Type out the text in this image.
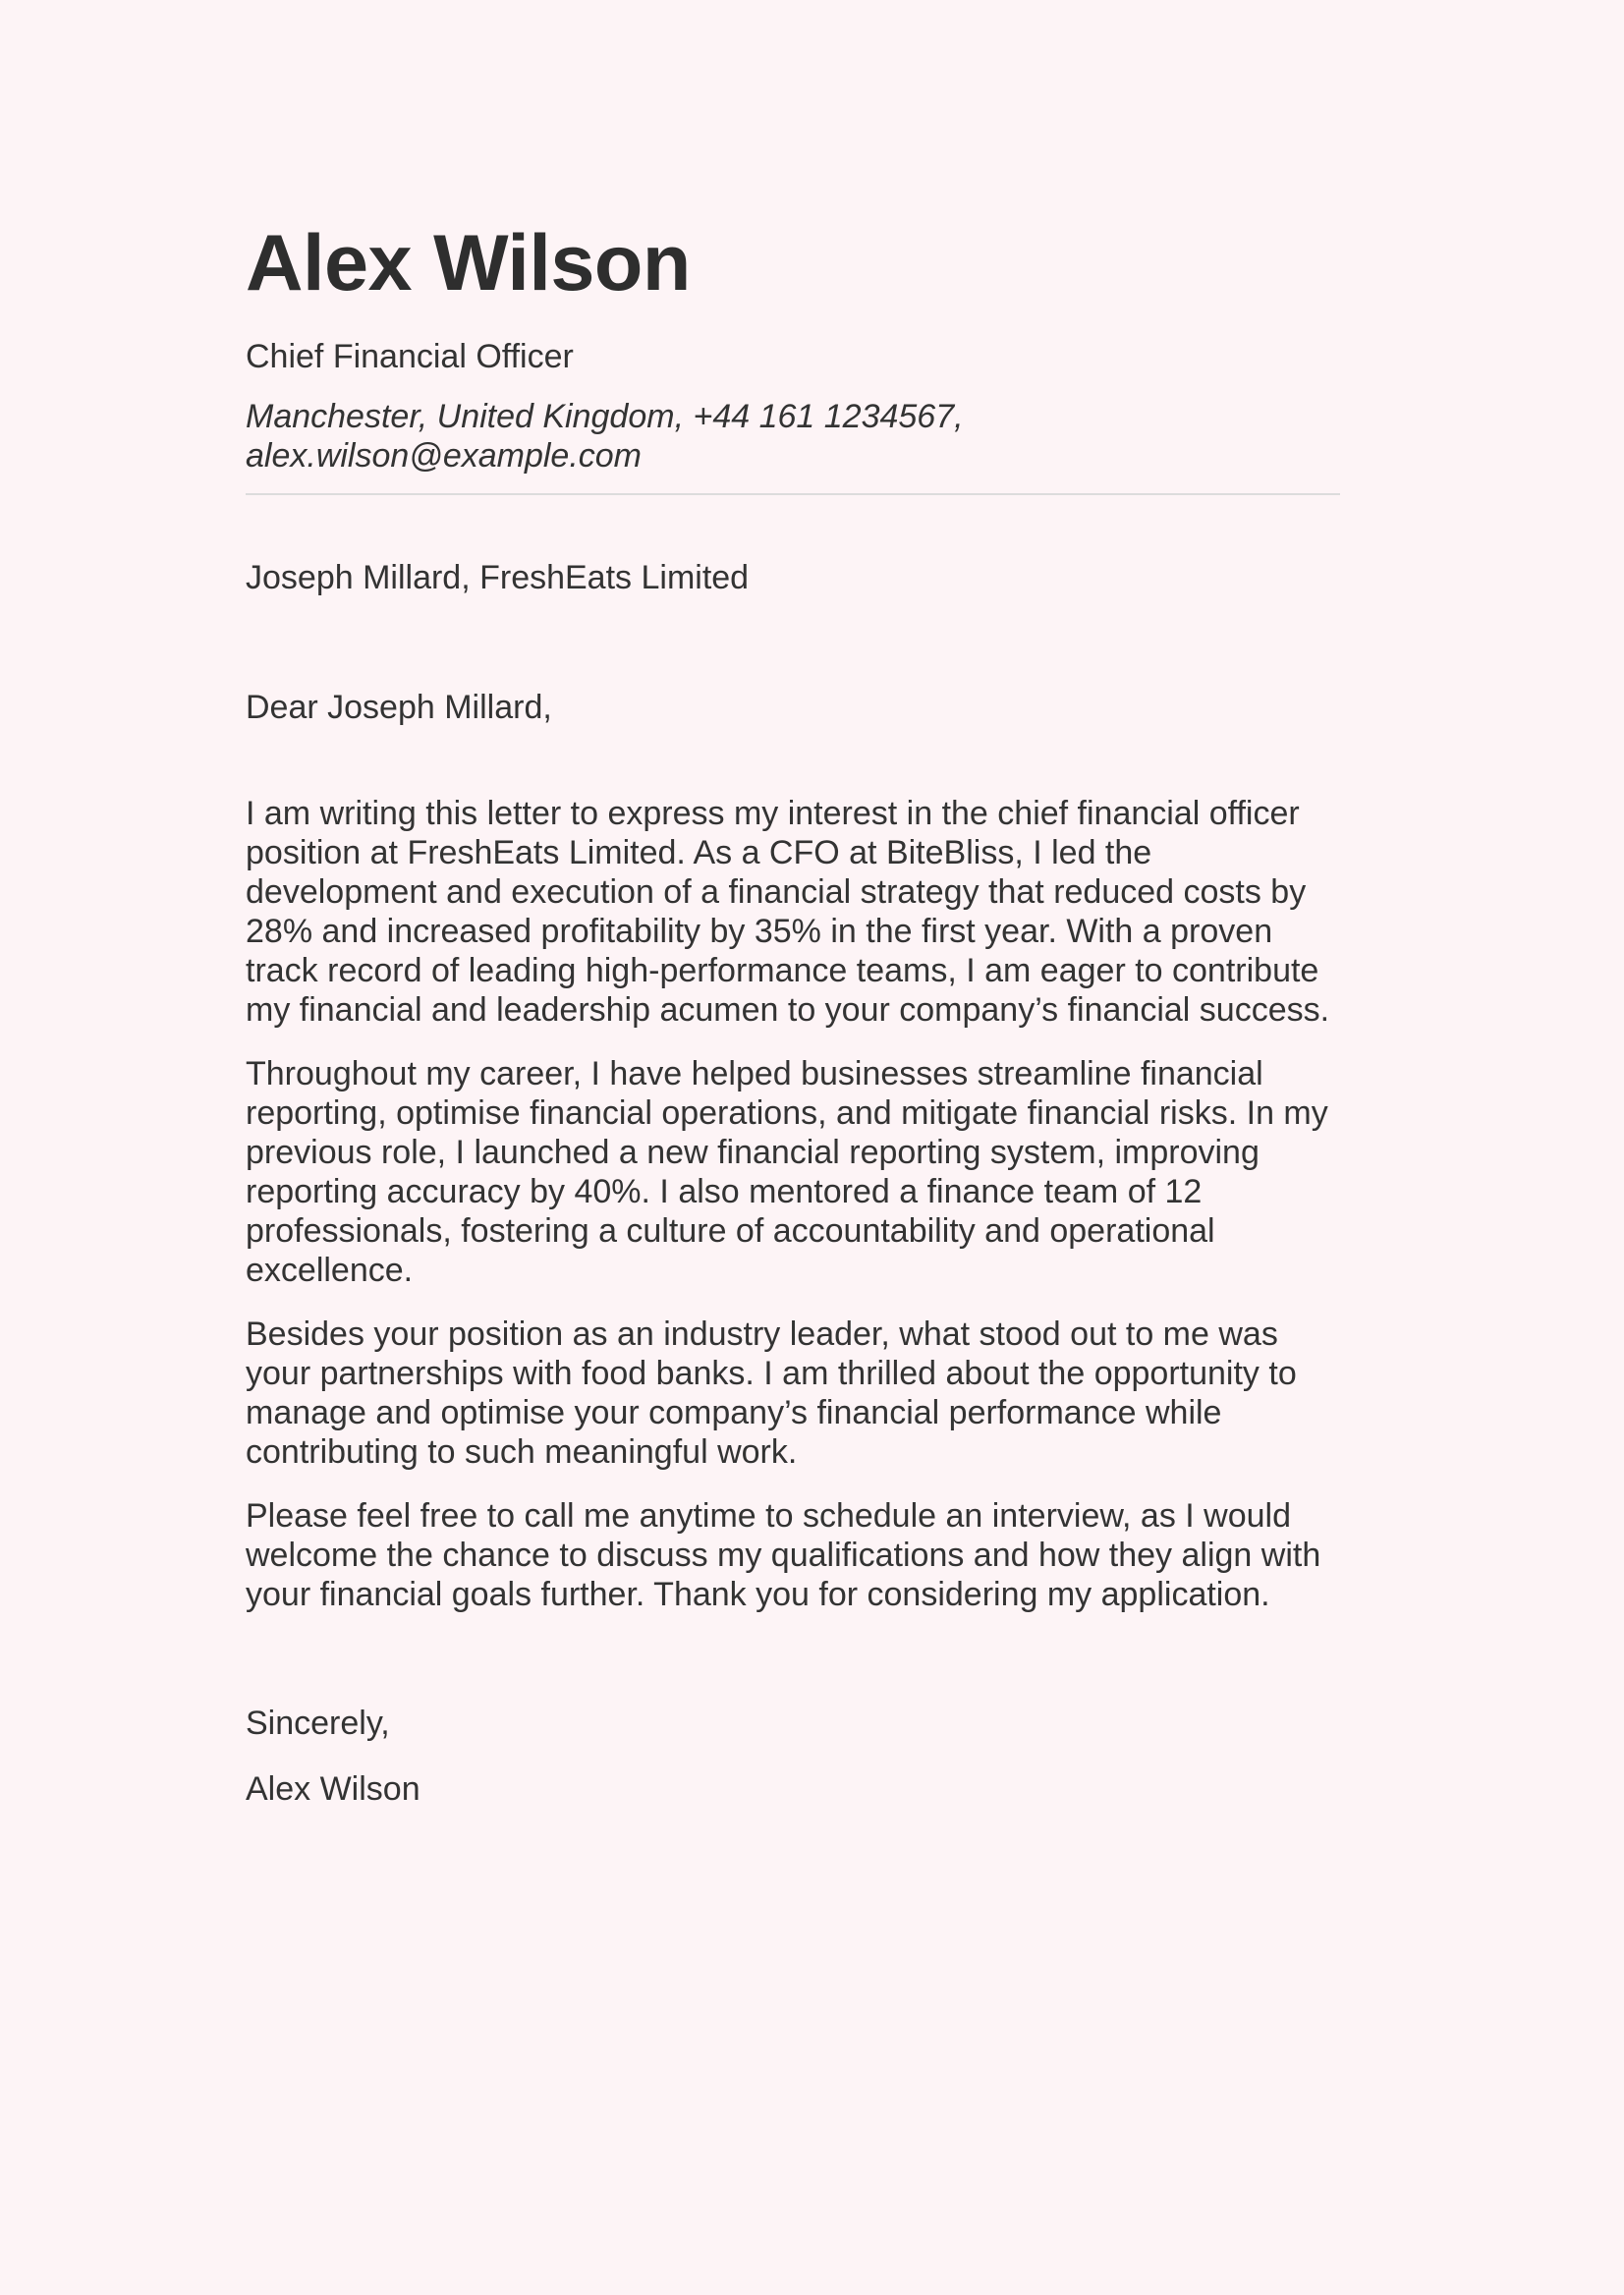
Alex Wilson
Chief Financial Officer
Manchester, United Kingdom, +44 161 1234567,
alex.wilson@example.com
Joseph Millard, FreshEats Limited
Dear Joseph Millard,

I am writing this letter to express my interest in the chief financial officer position at FreshEats Limited. As a CFO at BiteBliss, I led the development and execution of a financial strategy that reduced costs by 28% and increased profitability by 35% in the first year. With a proven track record of leading high-performance teams, I am eager to contribute my financial and leadership acumen to your company’s financial success.

Throughout my career, I have helped businesses streamline financial reporting, optimise financial operations, and mitigate financial risks. In my previous role, I launched a new financial reporting system, improving reporting accuracy by 40%. I also mentored a finance team of 12 professionals, fostering a culture of accountability and operational excellence.

Besides your position as an industry leader, what stood out to me was your partnerships with food banks. I am thrilled about the opportunity to manage and optimise your company’s financial performance while contributing to such meaningful work.

Please feel free to call me anytime to schedule an interview, as I would welcome the chance to discuss my qualifications and how they align with your financial goals further. Thank you for considering my application.

Sincerely,
Alex Wilson
